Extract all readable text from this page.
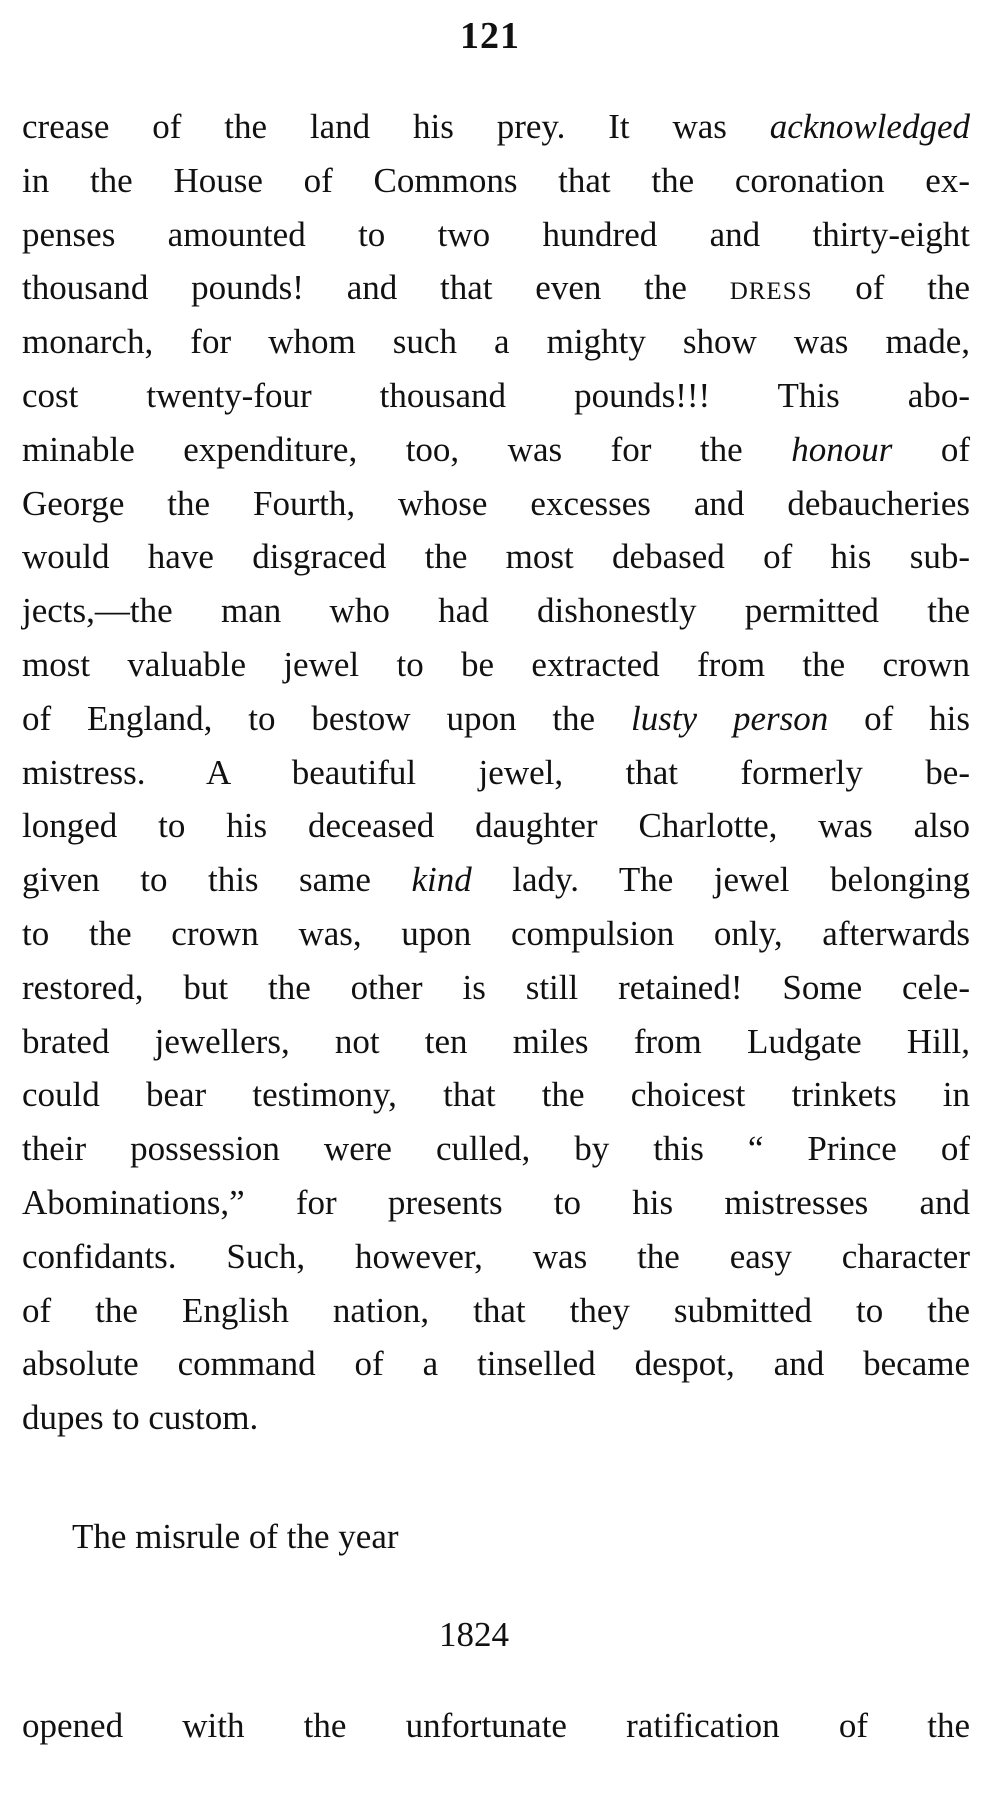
121
crease of the land his prey. It was acknowledged
in the House of Commons that the coronation ex-
penses amounted to two hundred and thirty-eight
thousand pounds! and that even the dress of the
monarch, for whom such a mighty show was made,
cost twenty-four thousand pounds!!! This abo-
minable expenditure, too, was for the honour of
George the Fourth, whose excesses and debaucheries
would have disgraced the most debased of his sub-
jects,—the man who had dishonestly permitted the
most valuable jewel to be extracted from the crown
of England, to bestow upon the lusty person of his
mistress. A beautiful jewel, that formerly be-
longed to his deceased daughter Charlotte, was also
given to this same kind lady. The jewel belonging
to the crown was, upon compulsion only, afterwards
restored, but the other is still retained! Some cele-
brated jewellers, not ten miles from Ludgate Hill,
could bear testimony, that the choicest trinkets in
their possession were culled, by this “ Prince of
Abominations,” for presents to his mistresses and
confidants. Such, however, was the easy character
of the English nation, that they submitted to the
absolute command of a tinselled despot, and became
dupes to custom.
The misrule of the year
1824
opened with the unfortunate ratification of the
